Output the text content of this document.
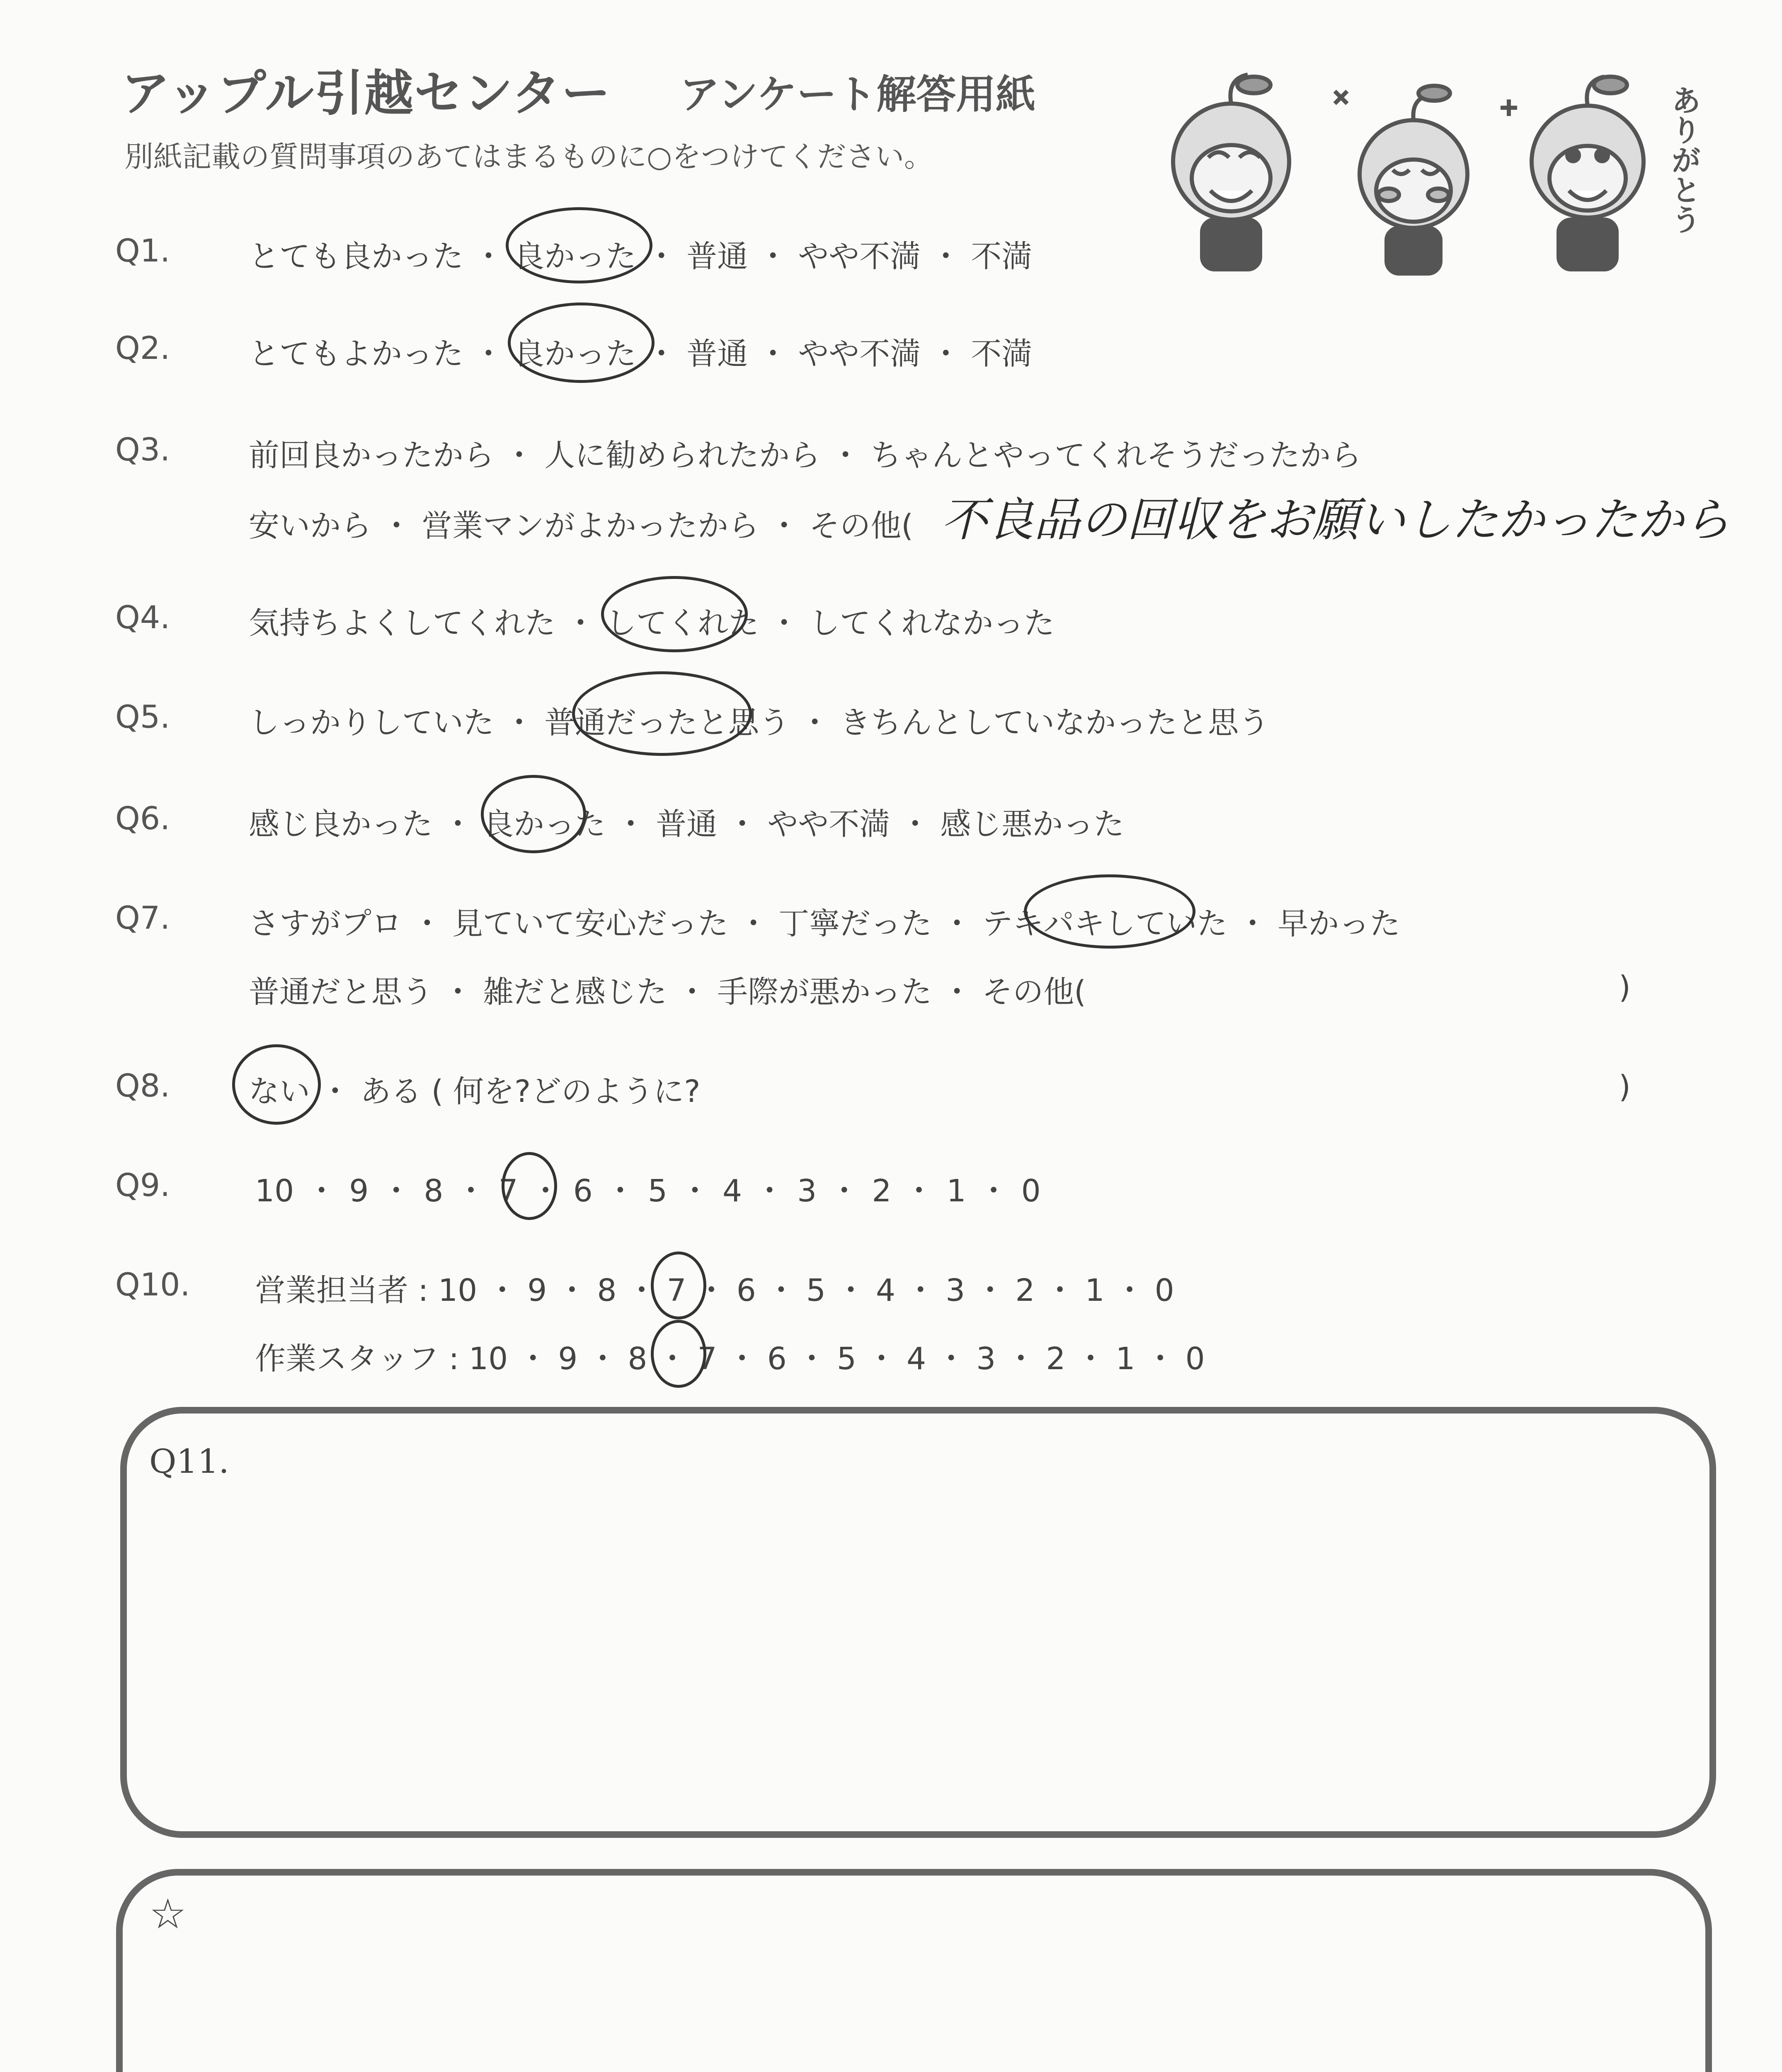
アップル引越センター アンケート解答用紙
別紙記載の質問事項のあてはまるものに○をつけてください。	ありがとう
Q1.	とても良かった ・ 良かった ・ 普通 ・ やや不満 ・ 不満
Q2.	とてもよかった ・ 良かった ・ 普通 ・ やや不満 ・ 不満
Q3.	前回良かったから ・ 人に勧められたから ・ ちゃんとやってくれそうだったから
安いから ・ 営業マンがよかったから ・ その他( 不良品の回収をお願いしたかったから
Q4.	気持ちよくしてくれた ・ してくれた ・ してくれなかった
Q5.	しっかりしていた ・ 普通だったと思う ・ きちんとしていなかったと思う
Q6.	感じ良かった ・ 良かった ・ 普通 ・ やや不満 ・ 感じ悪かった
Q7.	さすがプロ ・ 見ていて安心だった ・ 丁寧だった ・ テキパキしていた ・ 早かった
普通だと思う ・ 雑だと感じた ・ 手際が悪かった ・ その他(	)
Q8.	ない ・ ある ( 何を?どのように?	)
Q9.	10 ・ 9 ・ 8 ・ 7 ・ 6 ・ 5 ・ 4 ・ 3 ・ 2 ・ 1 ・ 0
Q10. 営業担当者 : 10 ・ 9 ・ 8 ・ 7 ・ 6 ・ 5 ・ 4 ・ 3 ・ 2 ・ 1 ・ 0
作業スタッフ : 10 ・ 9 ・ 8 ・ 7 ・ 6 ・ 5 ・ 4 ・ 3 ・ 2 ・ 1 ・ 0
Q11.
☆
